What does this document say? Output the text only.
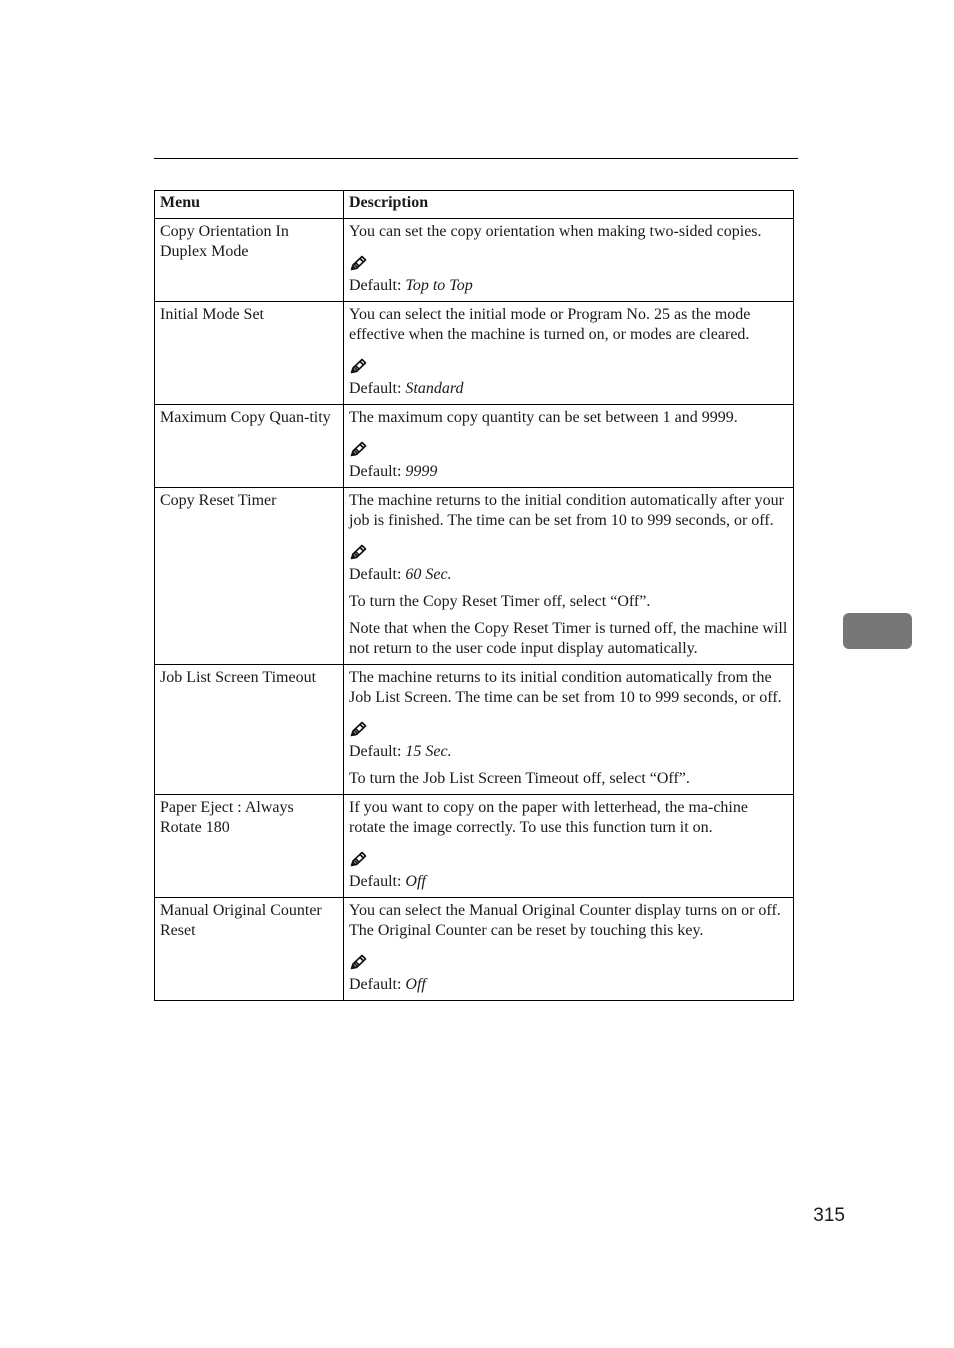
Menu	Description
Copy Orientation In Duplex Mode	You can set the copy orientation when making two-sided copies.

Default: Top to Top

Initial Mode Set	You can select the initial mode or Program No. 25 as the mode effective when the machine is turned on, or modes are cleared.

Default: Standard

Maximum Copy Quan-tity	The maximum copy quantity can be set between 1 and 9999.

Default: 9999

Copy Reset Timer	The machine returns to the initial condition automatically after your job is finished. The time can be set from 10 to 999 seconds, or off.

Default: 60 Sec.

To turn the Copy Reset Timer off, select “Off”.

Note that when the Copy Reset Timer is turned off, the machine will not return to the user code input display automatically.

Job List Screen Timeout	The machine returns to its initial condition automatically from the Job List Screen. The time can be set from 10 to 999 seconds, or off.

Default: 15 Sec.

To turn the Job List Screen Timeout off, select “Off”.

Paper Eject : Always Rotate 180	If you want to copy on the paper with letterhead, the ma-chine rotate the image correctly. To use this function turn it on.

Default: Off

Manual Original Counter Reset	You can select the Manual Original Counter display turns on or off. The Original Counter can be reset by touching this key.

Default: Off

315
